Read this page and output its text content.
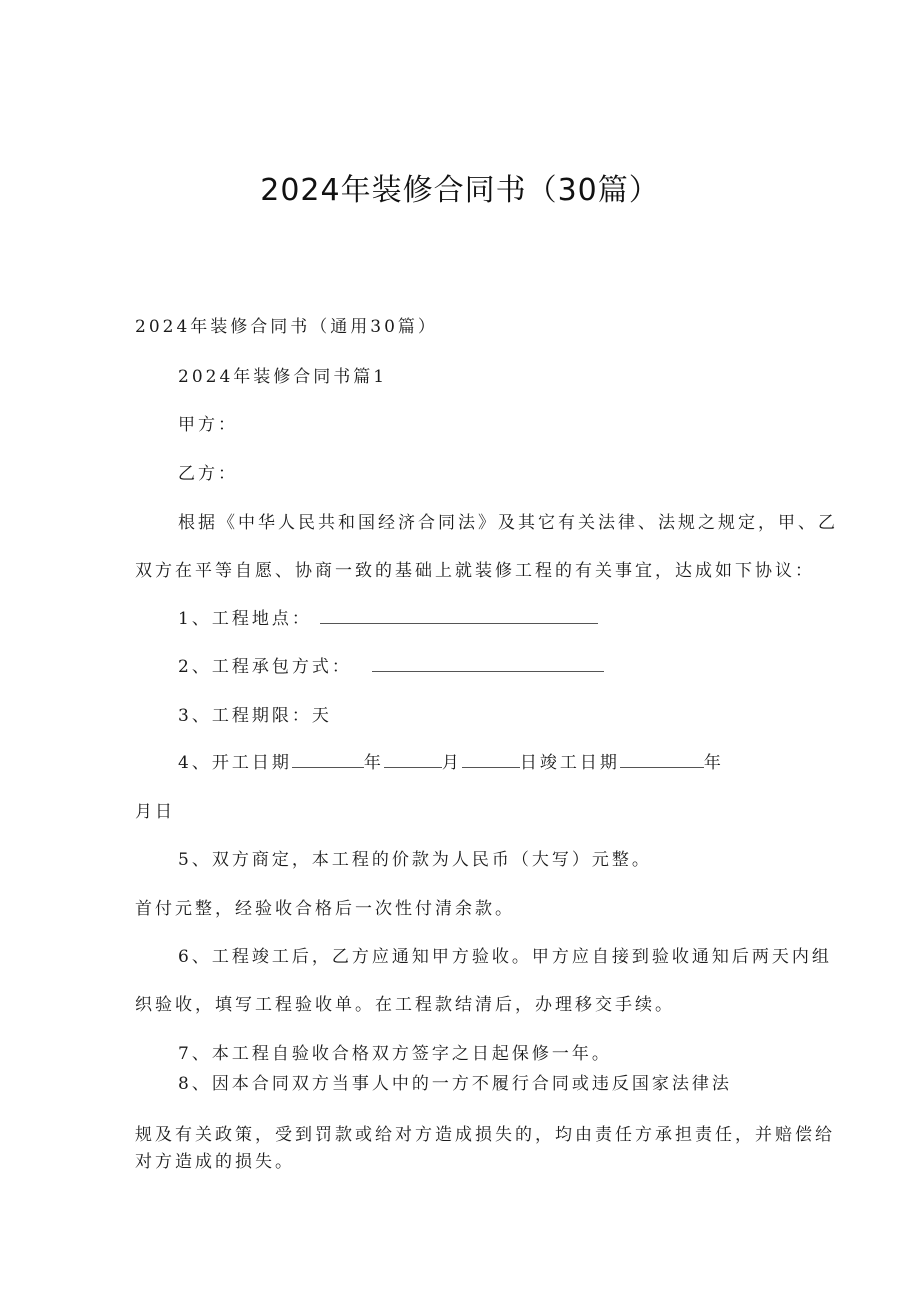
2024年装修合同书（30篇）
2024年装修合同书（通用30篇）
2024年装修合同书篇1
甲方：
乙方：
根据《中华人民共和国经济合同法》及其它有关法律、法规之规定，甲、乙
双方在平等自愿、协商一致的基础上就装修工程的有关事宜，达成如下协议：
1、工程地点：
2、工程承包方式：
3、工程期限：天
4、开工日期	年	月	日竣工日期	年
月日
5、双方商定，本工程的价款为人民币（大写）元整。
首付元整，经验收合格后一次性付清余款。
6、工程竣工后，乙方应通知甲方验收。甲方应自接到验收通知后两天内组
织验收，填写工程验收单。在工程款结清后，办理移交手续。
7、本工程自验收合格双方签字之日起保修一年。
8、因本合同双方当事人中的一方不履行合同或违反国家法律法
规及有关政策，受到罚款或给对方造成损失的，均由责任方承担责任，并赔偿给
对方造成的损失。
